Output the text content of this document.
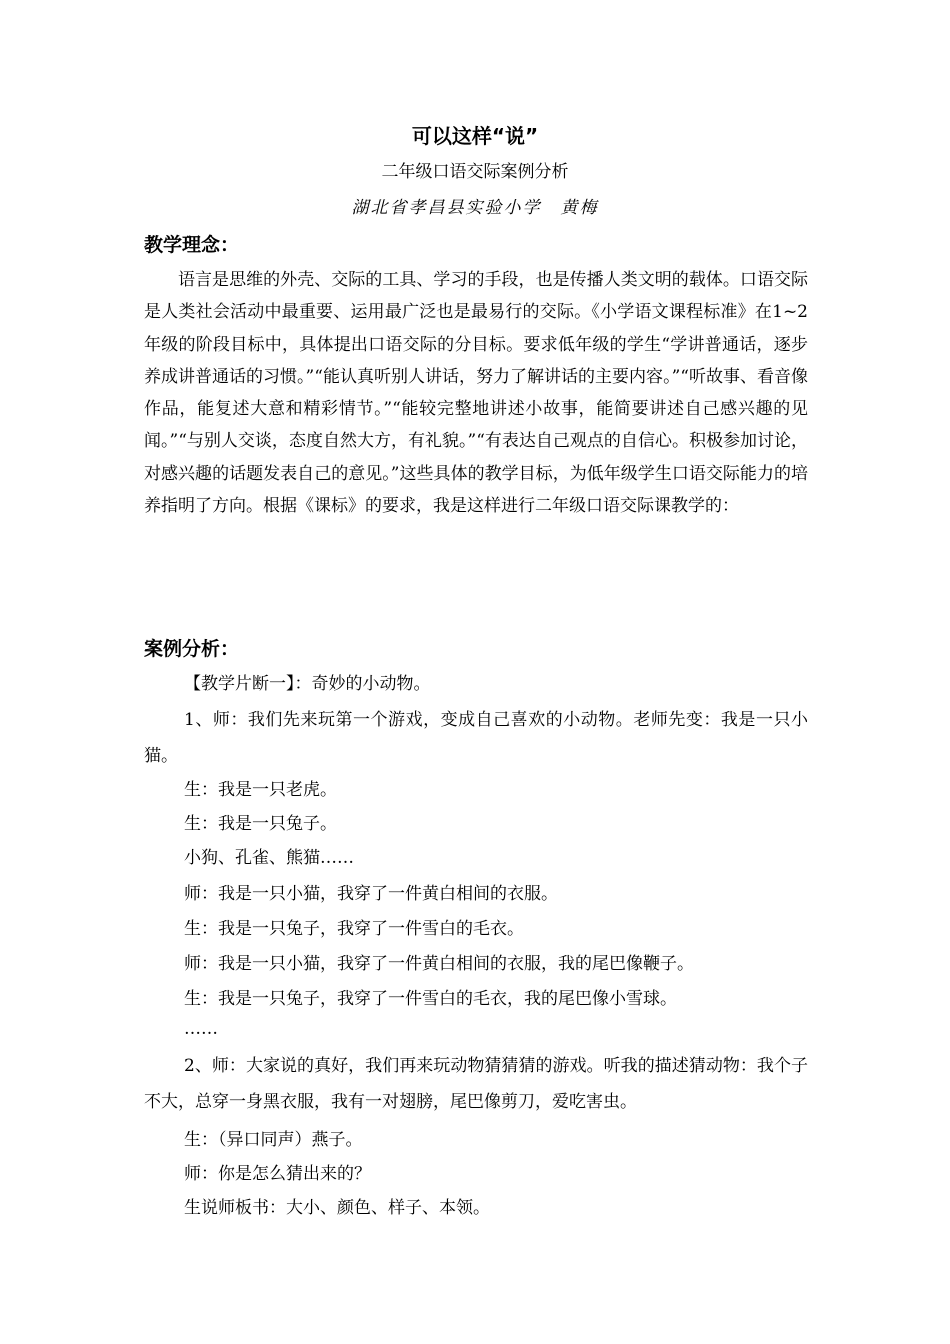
可以这样“说”
二年级口语交际案例分析
湖北省孝昌县实验小学　黄梅
教学理念：

语言是思维的外壳、交际的工具、学习的手段，也是传播人类文明的载体。口语交际是人类社会活动中最重要、运用最广泛也是最易行的交际。《小学语文课程标准》在1~2年级的阶段目标中，具体提出口语交际的分目标。要求低年级的学生“学讲普通话，逐步养成讲普通话的习惯。”“能认真听别人讲话，努力了解讲话的主要内容。”“听故事、看音像作品，能复述大意和精彩情节。”“能较完整地讲述小故事，能简要讲述自己感兴趣的见闻。”“与别人交谈，态度自然大方，有礼貌。”“有表达自己观点的自信心。积极参加讨论，对感兴趣的话题发表自己的意见。”这些具体的教学目标，为低年级学生口语交际能力的培养指明了方向。根据《课标》的要求，我是这样进行二年级口语交际课教学的：

案例分析：
【教学片断一】：奇妙的小动物。

1、师：我们先来玩第一个游戏，变成自己喜欢的小动物。老师先变：我是一只小猫。

生：我是一只老虎。
生：我是一只兔子。
小狗、孔雀、熊猫……
师：我是一只小猫，我穿了一件黄白相间的衣服。
生：我是一只兔子，我穿了一件雪白的毛衣。
师：我是一只小猫，我穿了一件黄白相间的衣服，我的尾巴像鞭子。
生：我是一只兔子，我穿了一件雪白的毛衣，我的尾巴像小雪球。
……

2、师：大家说的真好，我们再来玩动物猜猜猜的游戏。听我的描述猜动物：我个子不大，总穿一身黑衣服，我有一对翅膀，尾巴像剪刀，爱吃害虫。

生：（异口同声）燕子。
师：你是怎么猜出来的？
生说师板书：大小、颜色、样子、本领。
